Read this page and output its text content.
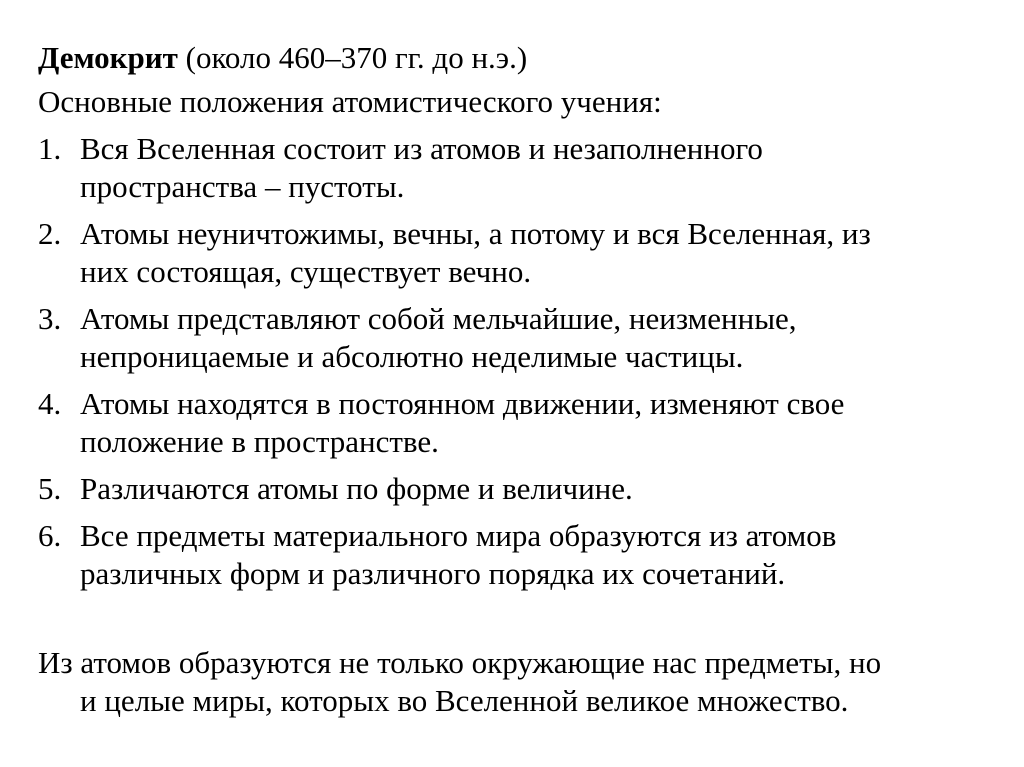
Демокрит (около 460–370 гг. до н.э.)

Основные положения атомистического учения:

1. Вся Вселенная состоит из атомов и незаполненного
пространства – пустоты.
2. Атомы неуничтожимы, вечны, а потому и вся Вселенная, из
них состоящая, существует вечно.
3. Атомы представляют собой мельчайшие, неизменные,
непроницаемые и абсолютно неделимые частицы.
4. Атомы находятся в постоянном движении, изменяют свое
положение в пространстве.
5. Различаются атомы по форме и величине.
6. Все предметы материального мира образуются из атомов
различных форм и различного порядка их сочетаний.

Из атомов образуются не только окружающие нас предметы, но
и целые миры, которых во Вселенной великое множество.
